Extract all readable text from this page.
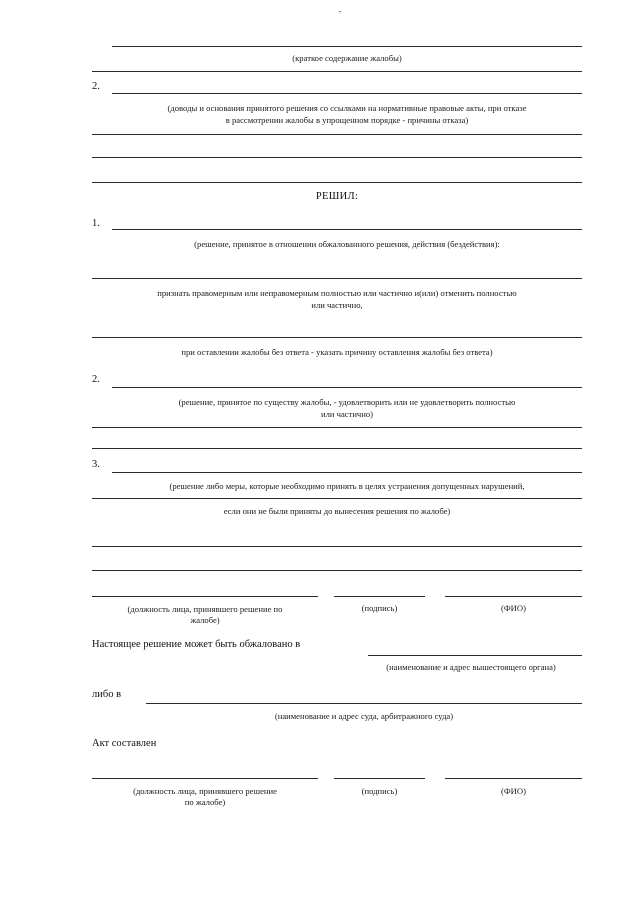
-
(краткое содержание жалобы)
2.
(доводы и основания принятого решения со ссылками на нормативные правовые акты, при отказе
в рассмотрении жалобы в упрощенном порядке - причины отказа)
РЕШИЛ:
1.
(решение, принятое в отношении обжалованного решения, действия (бездействия):
признать правомерным или неправомерным полностью или частично и(или) отменить полностью
или частично,
при оставлении жалобы без ответа - указать причину оставления жалобы без ответа)
2.
(решение, принятое по существу жалобы, - удовлетворить или не удовлетворить полностью
или частично)
3.
(решение либо меры, которые необходимо принять в целях устранения допущенных нарушений,
если они не были приняты до вынесения решения по жалобе)
(должность лица, принявшего решение по
жалобе)
(подпись)	(ФИО)
Настоящее решение может быть обжаловано в
(наименование и адрес вышестоящего органа)
либо в
(наименование и адрес суда, арбитражного суда)
Акт составлен
(должность лица, принявшего решение
по жалобе)
(подпись)	(ФИО)
